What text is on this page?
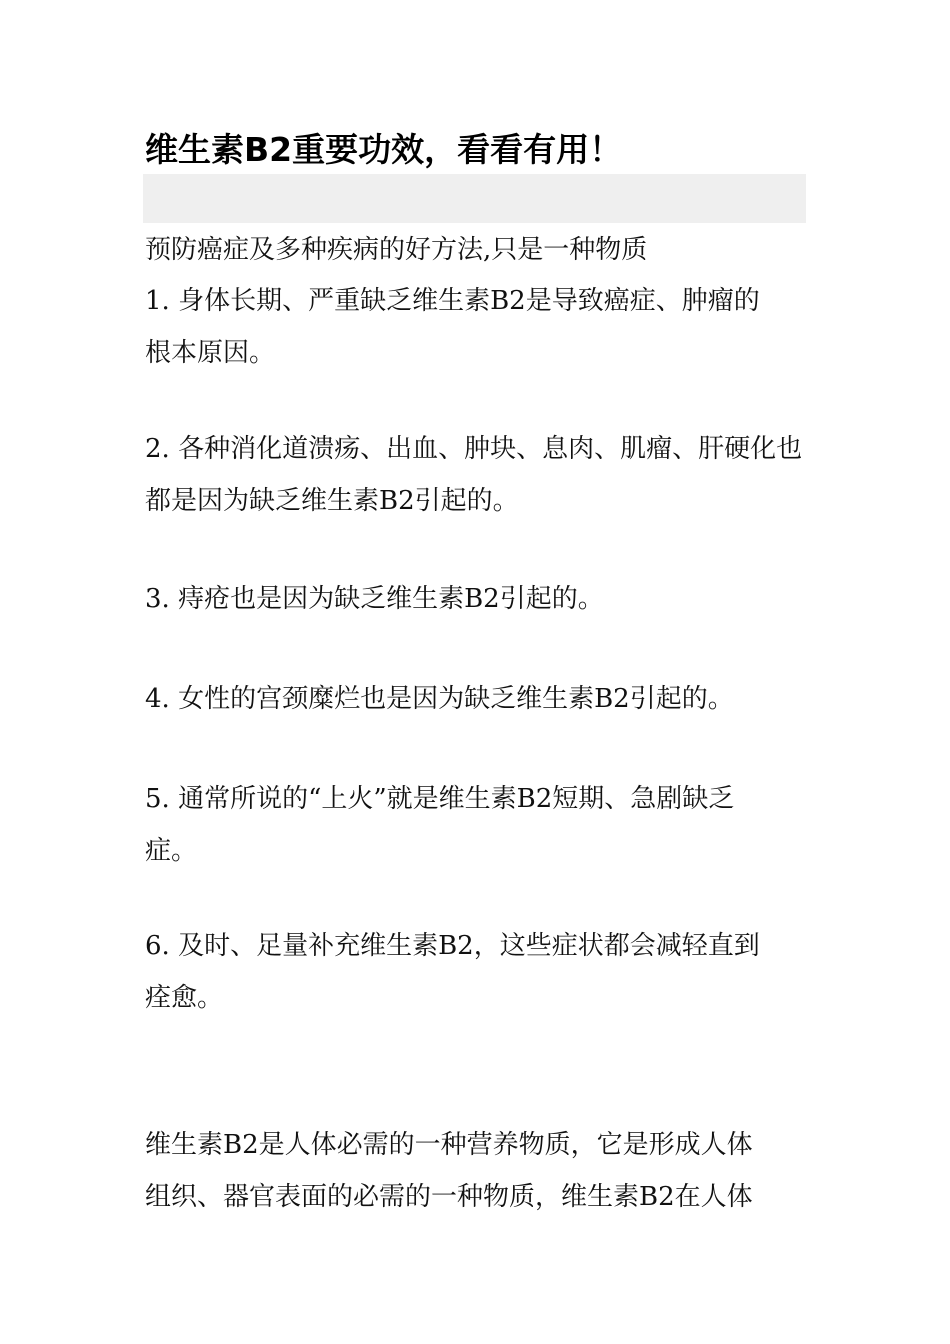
维生素B2重要功效，看看有用！

预防癌症及多种疾病的好方法,只是一种物质

1. 身体长期、严重缺乏维生素B2是导致癌症、肿瘤的
根本原因。

2. 各种消化道溃疡、出血、肿块、息肉、肌瘤、肝硬化也
都是因为缺乏维生素B2引起的。

3. 痔疮也是因为缺乏维生素B2引起的。

4. 女性的宫颈糜烂也是因为缺乏维生素B2引起的。

5. 通常所说的“上火”就是维生素B2短期、急剧缺乏
症。

6. 及时、足量补充维生素B2，这些症状都会减轻直到
痊愈。

维生素B2是人体必需的一种营养物质，它是形成人体
组织、器官表面的必需的一种物质，维生素B2在人体
